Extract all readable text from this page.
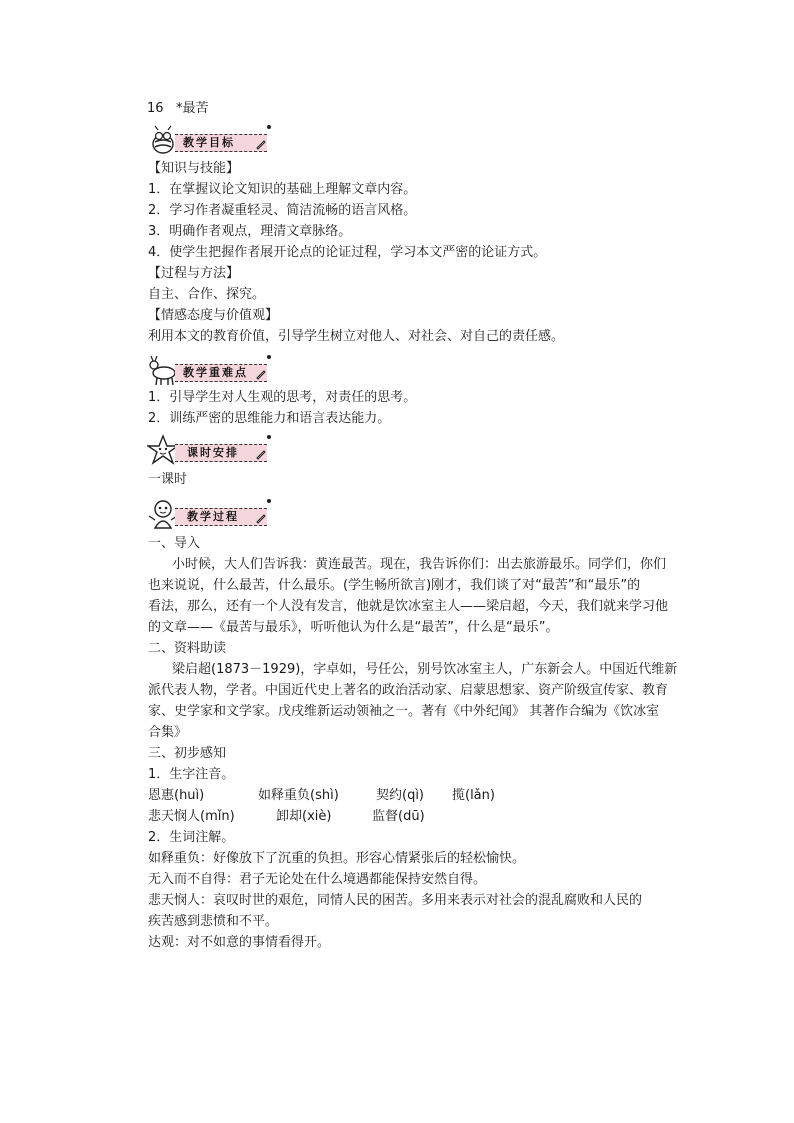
16 *最苦
教学目标
【知识与技能】
1．在掌握议论文知识的基础上理解文章内容。
2．学习作者凝重轻灵、简洁流畅的语言风格。
3．明确作者观点，理清文章脉络。
4．使学生把握作者展开论点的论证过程，学习本文严密的论证方式。
【过程与方法】
自主、合作、探究。
【情感态度与价值观】
利用本文的教育价值，引导学生树立对他人、对社会、对自己的责任感。
教学重难点
1．引导学生对人生观的思考，对责任的思考。
2．训练严密的思维能力和语言表达能力。
课时安排
一课时
教学过程
一、导入
小时候，大人们告诉我：黄连最苦。现在，我告诉你们：出去旅游最乐。同学们，你们
也来说说，什么最苦，什么最乐。(学生畅所欲言)刚才，我们谈了对“最苦”和“最乐”的
看法，那么，还有一个人没有发言，他就是饮冰室主人——梁启超，今天，我们就来学习他
的文章——《最苦与最乐》，听听他认为什么是“最苦”，什么是“最乐”。
二、资料助读
梁启超(1873－1929)，字卓如，号任公，别号饮冰室主人，广东新会人。中国近代维新
派代表人物，学者。中国近代史上著名的政治活动家、启蒙思想家、资产阶级宣传家、教育
家、史学家和文学家。戊戌维新运动领袖之一。著有《中外纪闻》 其著作合编为《饮冰室
合集》
三、初步感知
1．生字注音。
恩惠(huì)	如释重负(shì)	契约(qì) 揽(lǎn)
悲天悯人(mǐn)	卸却(xiè)	监督(dū)
2．生词注解。
如释重负：好像放下了沉重的负担。形容心情紧张后的轻松愉快。
无入而不自得：君子无论处在什么境遇都能保持安然自得。
悲天悯人：哀叹时世的艰危，同情人民的困苦。多用来表示对社会的混乱腐败和人民的
疾苦感到悲愤和不平。
达观：对不如意的事情看得开。
